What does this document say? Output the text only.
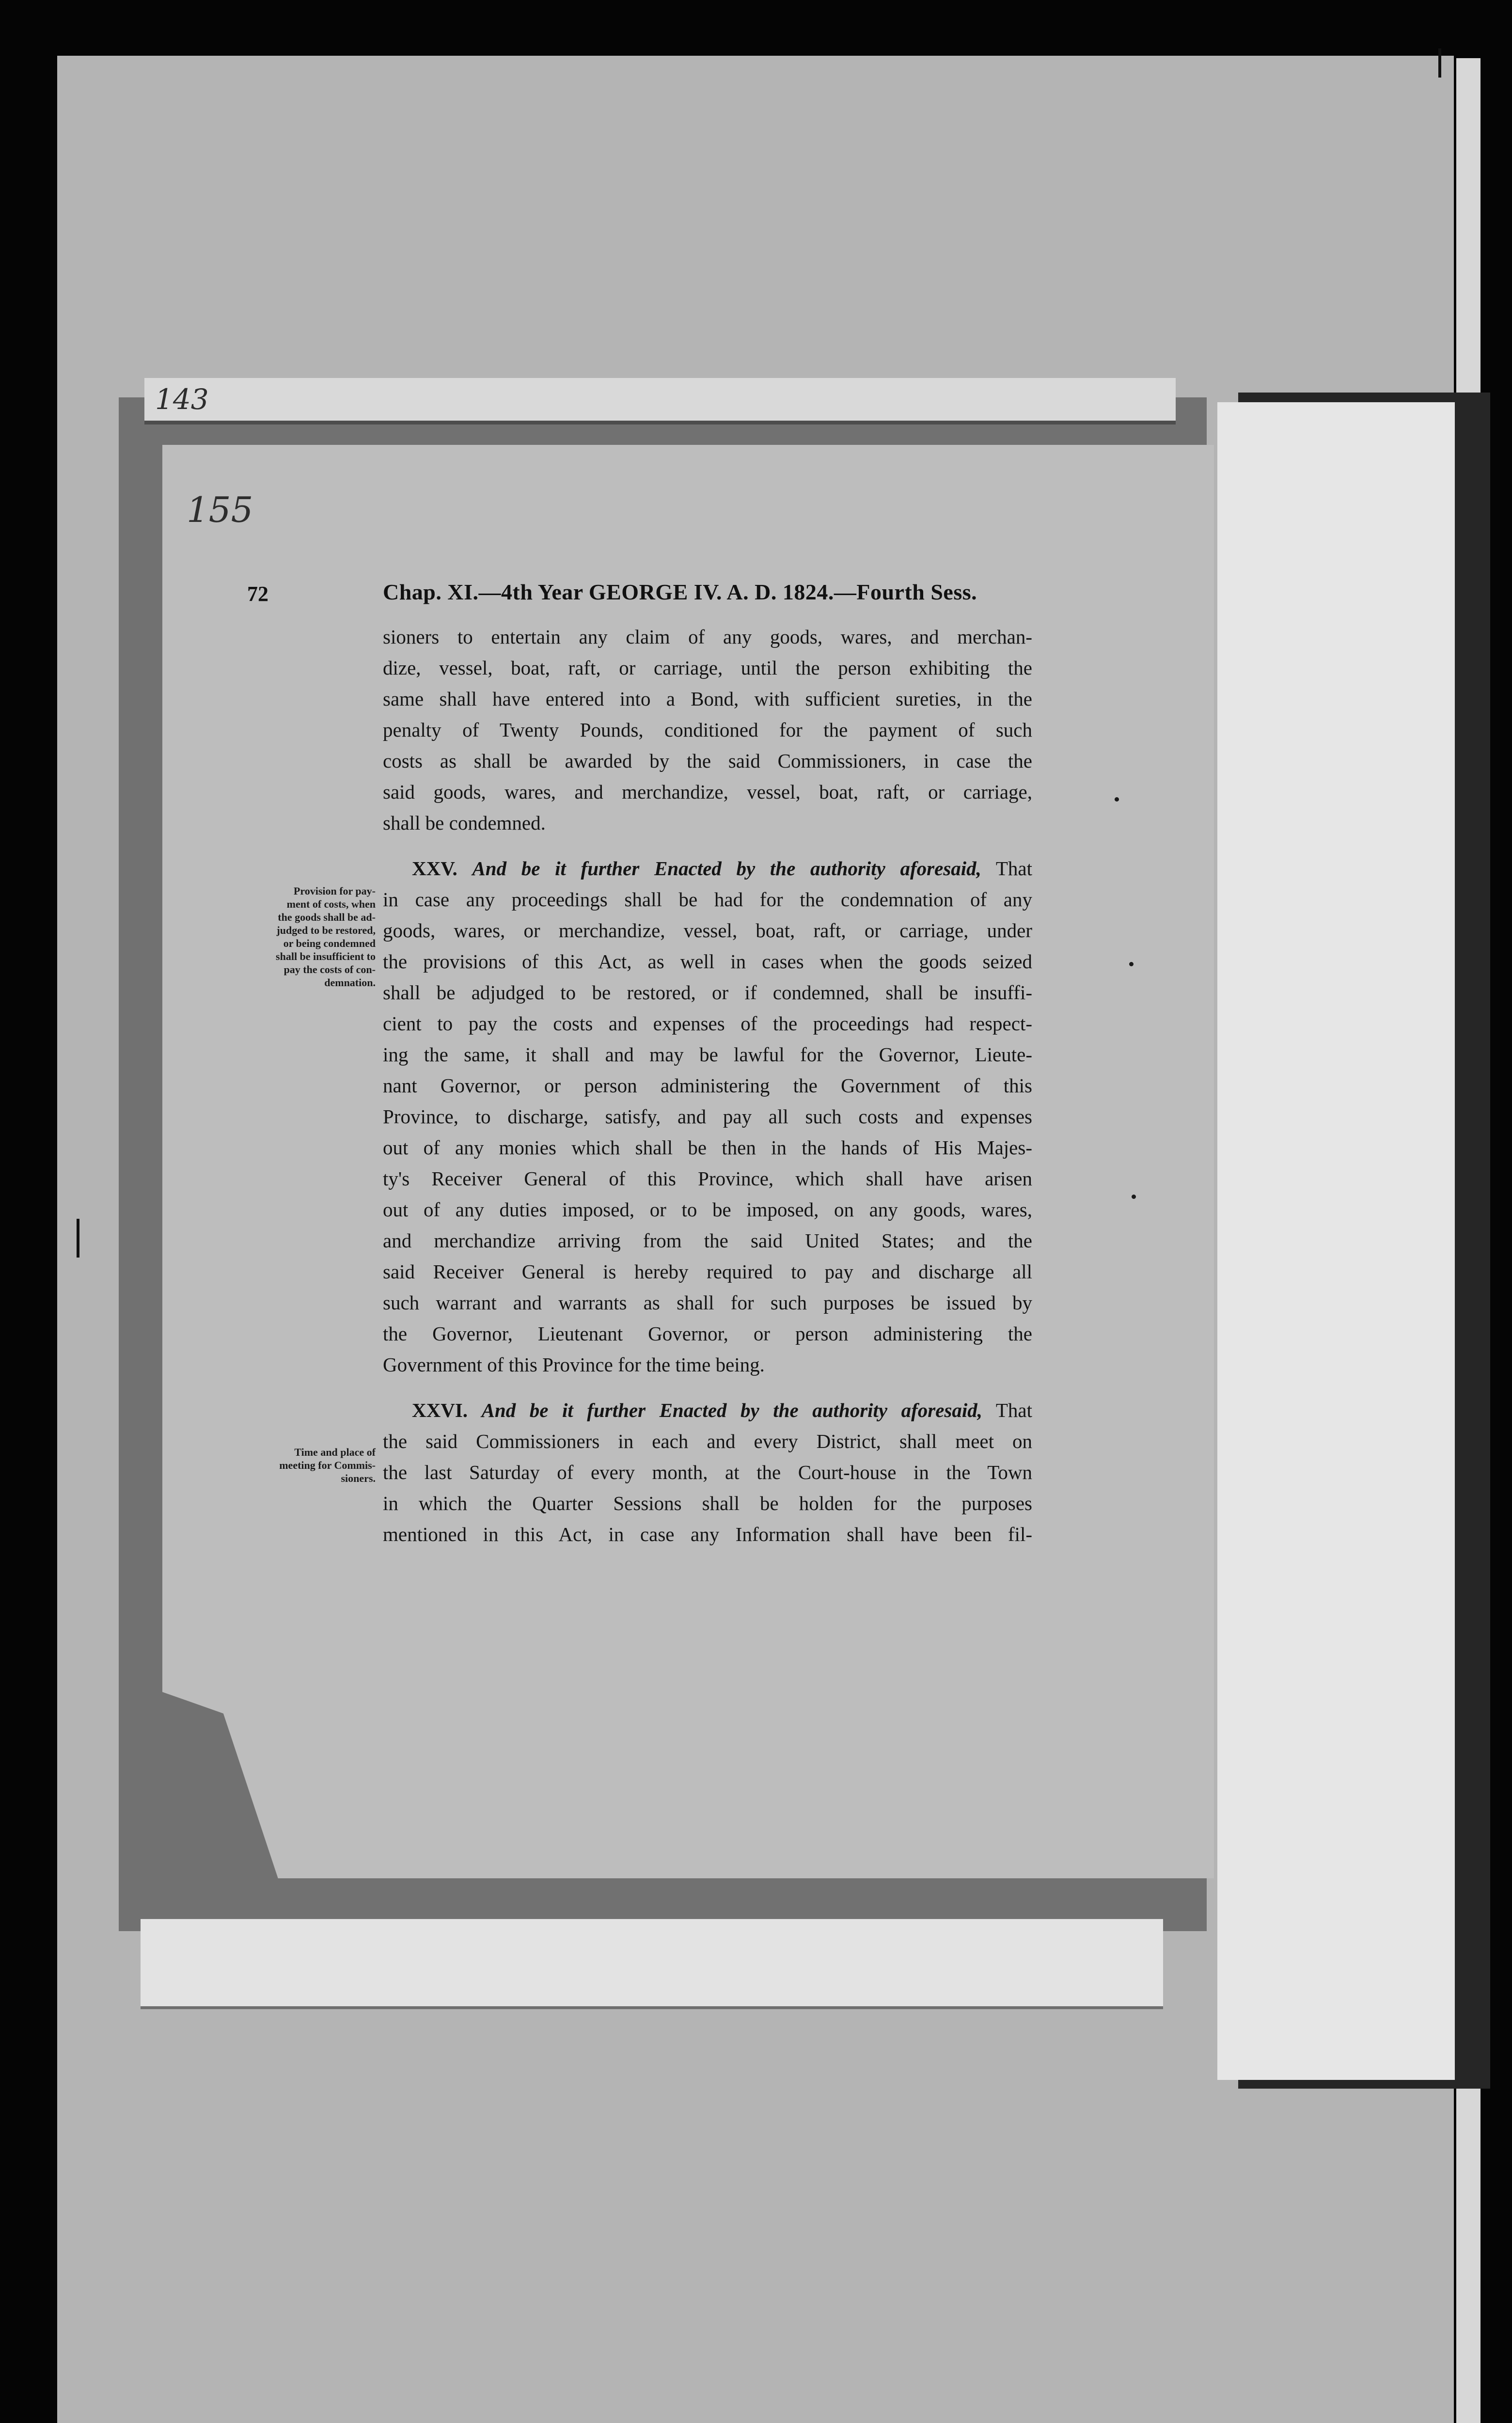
143
155
72	Chap. XI.—4th Year GEORGE IV. A. D. 1824.—Fourth Sess.
sioners to entertain any claim of any goods, wares, and merchan-
dize, vessel, boat, raft, or carriage, until the person exhibiting the
same shall have entered into a Bond, with sufficient sureties, in the
penalty of Twenty Pounds, conditioned for the payment of such
costs as shall be awarded by the said Commissioners, in case the
said goods, wares, and merchandize, vessel, boat, raft, or carriage,
shall be condemned.
XXV. And be it further Enacted by the authority aforesaid, That
in case any proceedings shall be had for the condemnation of any
goods, wares, or merchandize, vessel, boat, raft, or carriage, under
the provisions of this Act, as well in cases when the goods seized
shall be adjudged to be restored, or if condemned, shall be insuffi-
cient to pay the costs and expenses of the proceedings had respect-
ing the same, it shall and may be lawful for the Governor, Lieute-
nant Governor, or person administering the Government of this
Province, to discharge, satisfy, and pay all such costs and expenses
out of any monies which shall be then in the hands of His Majes-
ty's Receiver General of this Province, which shall have arisen
out of any duties imposed, or to be imposed, on any goods, wares,
and merchandize arriving from the said United States; and the
said Receiver General is hereby required to pay and discharge all
such warrant and warrants as shall for such purposes be issued by
the Governor, Lieutenant Governor, or person administering the
Government of this Province for the time being.
XXVI. And be it further Enacted by the authority aforesaid, That
the said Commissioners in each and every District, shall meet on
the last Saturday of every month, at the Court-house in the Town
in which the Quarter Sessions shall be holden for the purposes
mentioned in this Act, in case any Information shall have been fil-
Provision for pay-
ment of costs, when
the goods shall be ad-
judged to be restored,
or being condemned
shall be insufficient to
pay the costs of con-
demnation.
Time and place of
meeting for Commis-
sioners.
